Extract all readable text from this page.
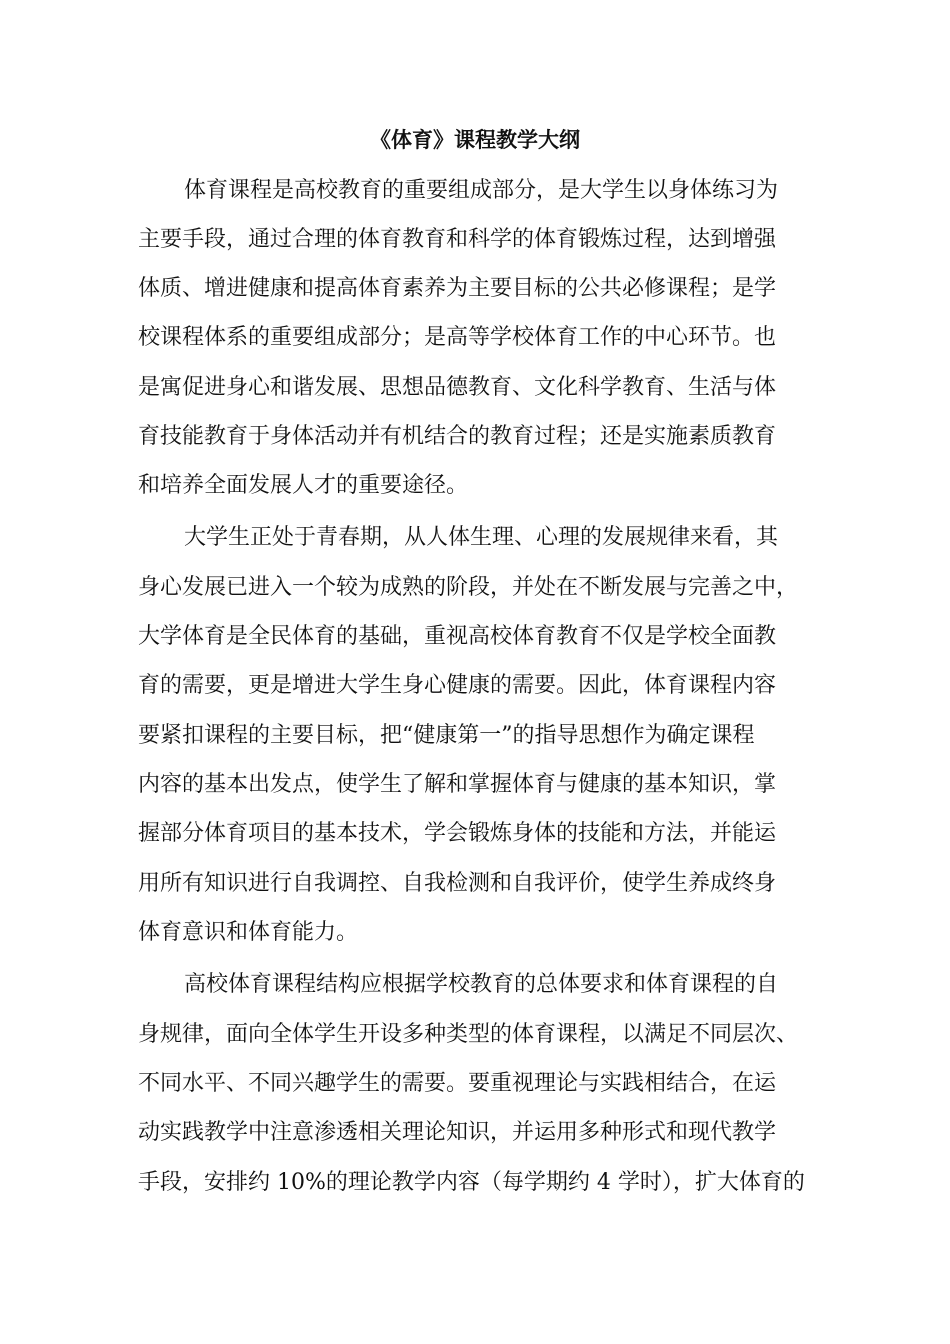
《体育》课程教学大纲

体育课程是高校教育的重要组成部分，是大学生以身体练习为

主要手段，通过合理的体育教育和科学的体育锻炼过程，达到增强

体质、增进健康和提高体育素养为主要目标的公共必修课程；是学

校课程体系的重要组成部分；是高等学校体育工作的中心环节。也

是寓促进身心和谐发展、思想品德教育、文化科学教育、生活与体

育技能教育于身体活动并有机结合的教育过程；还是实施素质教育

和培养全面发展人才的重要途径。

大学生正处于青春期，从人体生理、心理的发展规律来看，其

身心发展已进入一个较为成熟的阶段，并处在不断发展与完善之中，

大学体育是全民体育的基础，重视高校体育教育不仅是学校全面教

育的需要，更是增进大学生身心健康的需要。因此，体育课程内容

要紧扣课程的主要目标，把“健康第一”的指导思想作为确定课程

内容的基本出发点，使学生了解和掌握体育与健康的基本知识，掌

握部分体育项目的基本技术，学会锻炼身体的技能和方法，并能运

用所有知识进行自我调控、自我检测和自我评价，使学生养成终身

体育意识和体育能力。

高校体育课程结构应根据学校教育的总体要求和体育课程的自

身规律，面向全体学生开设多种类型的体育课程，以满足不同层次、

不同水平、不同兴趣学生的需要。要重视理论与实践相结合，在运

动实践教学中注意渗透相关理论知识，并运用多种形式和现代教学

手段，安排约 10%的理论教学内容（每学期约 4 学时），扩大体育的
